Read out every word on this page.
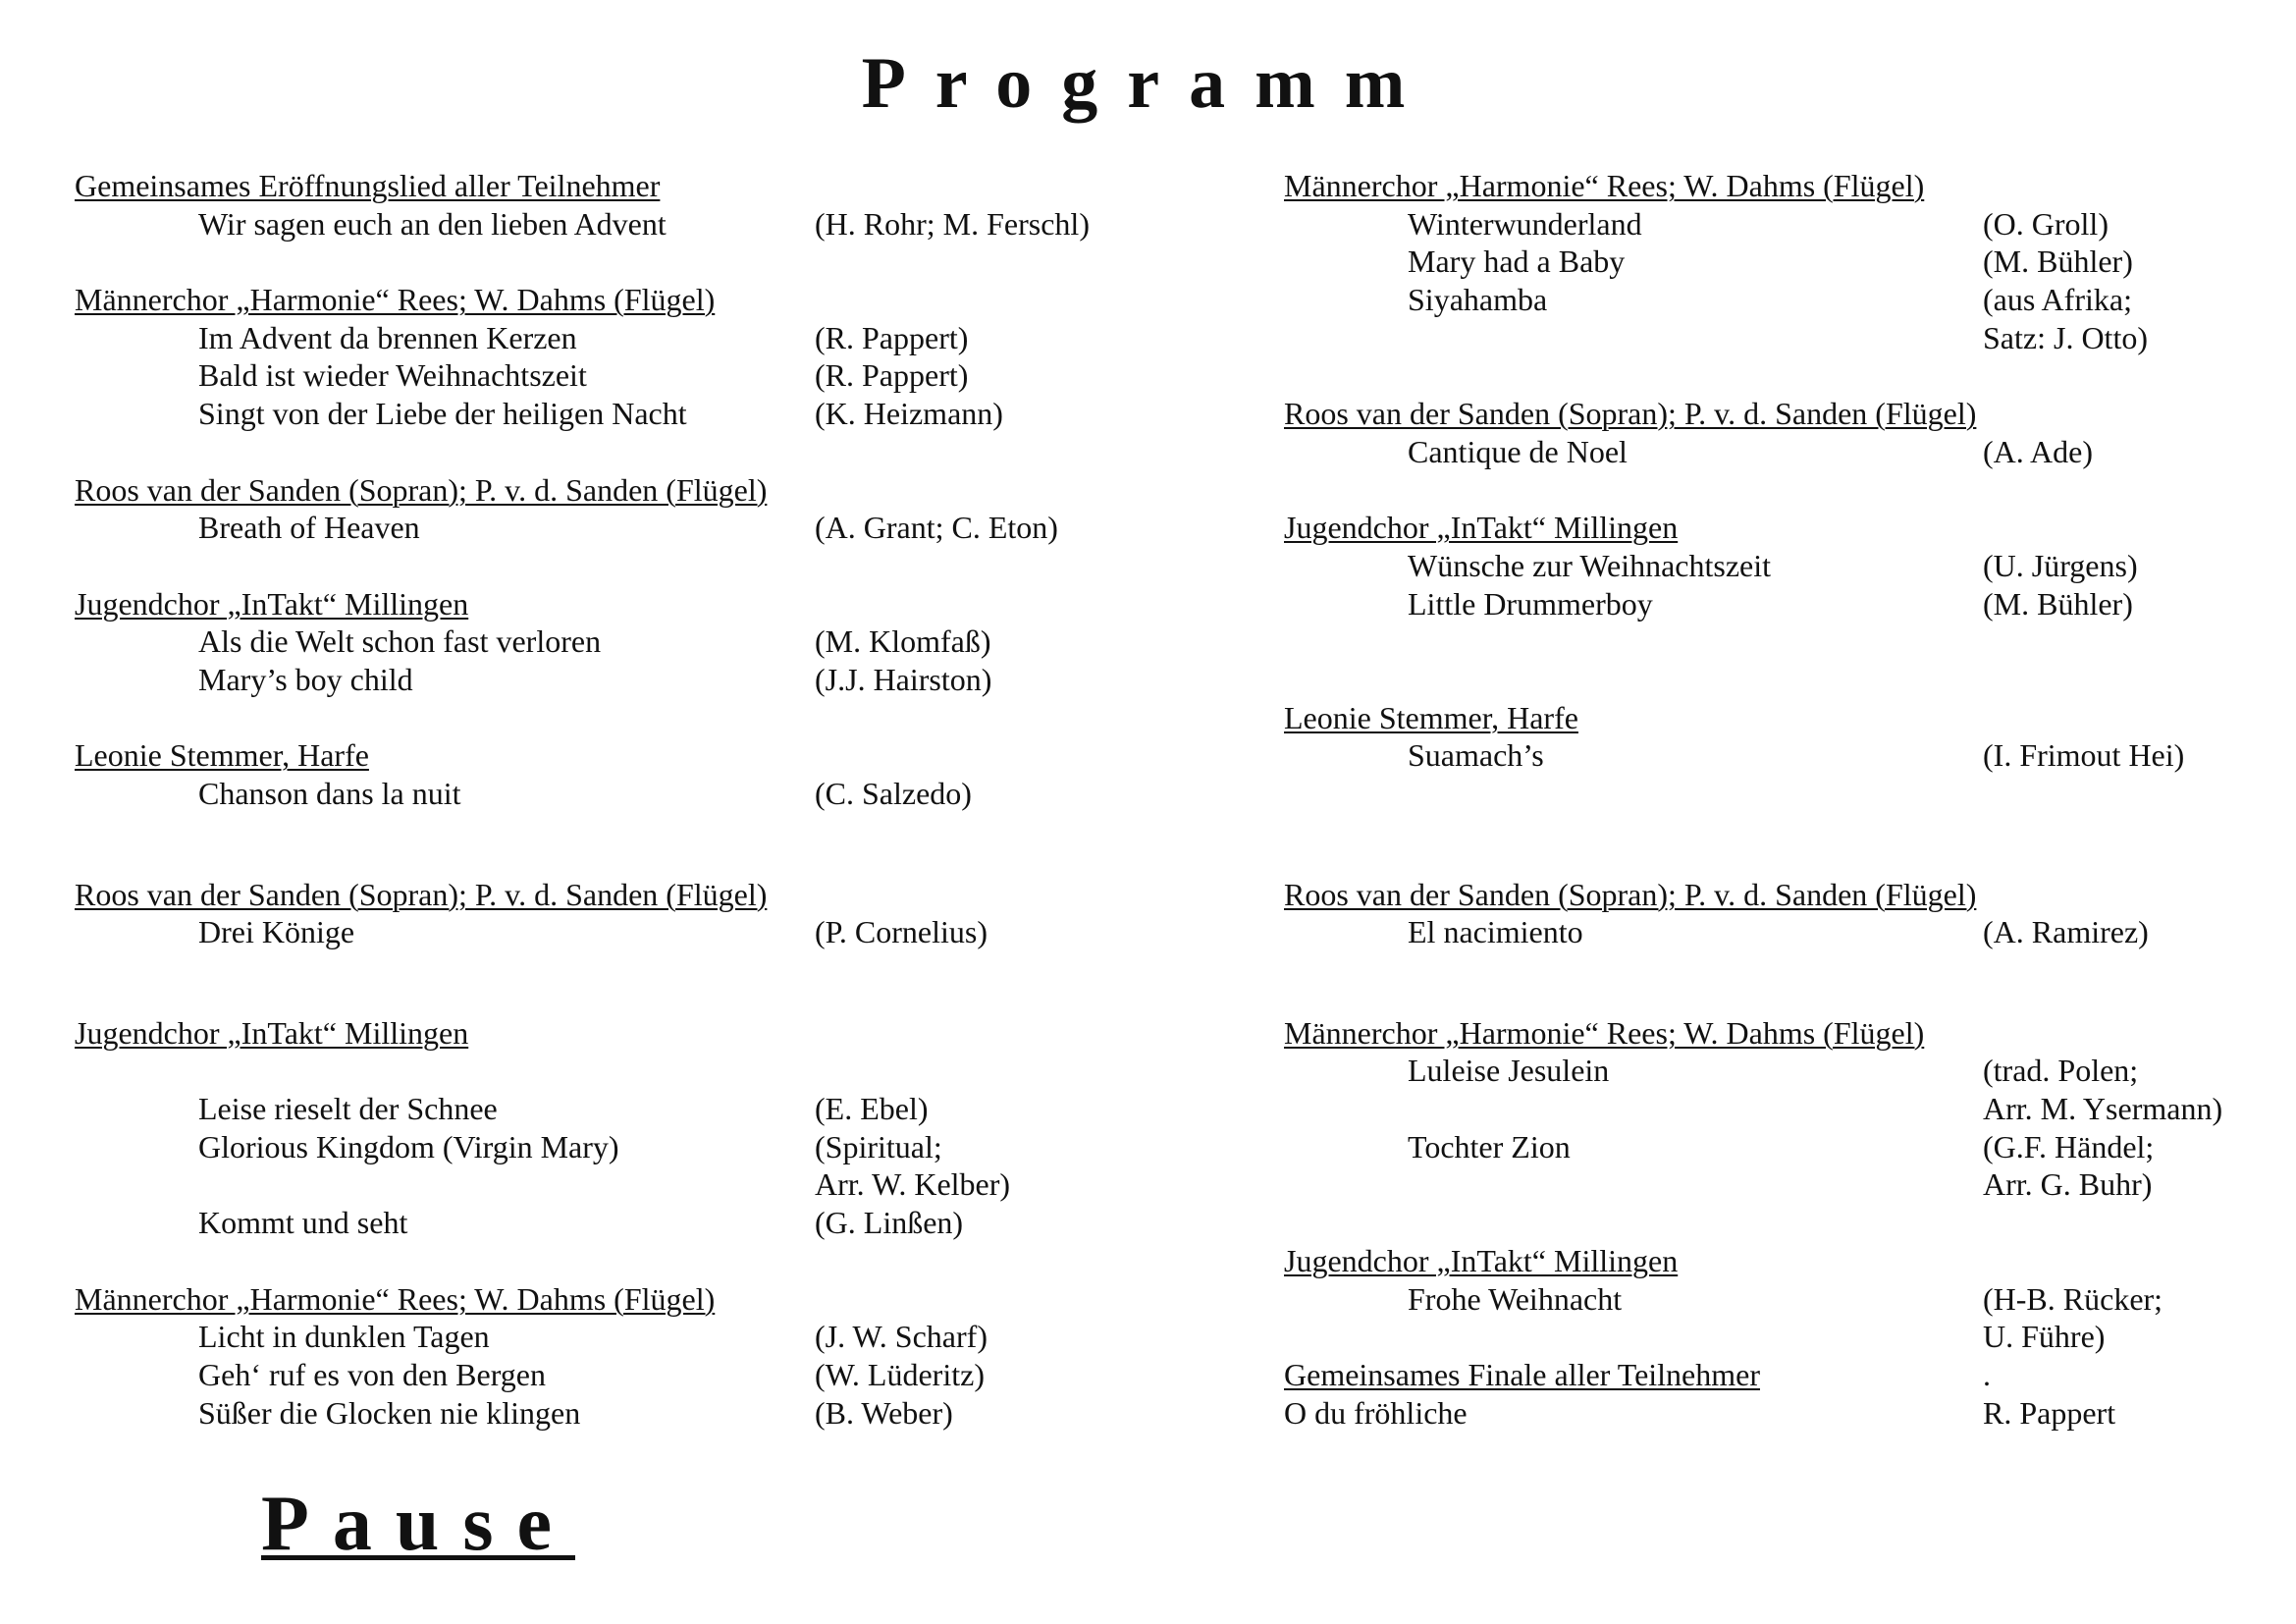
Programm
Gemeinsames Eröffnungslied aller Teilnehmer
Wir sagen euch an den lieben Advent	(H. Rohr; M. Ferschl)
Männerchor „Harmonie“ Rees; W. Dahms (Flügel)
Im Advent da brennen Kerzen	(R. Pappert)
Bald ist wieder Weihnachtszeit	(R. Pappert)
Singt von der Liebe der heiligen Nacht	(K. Heizmann)
Roos van der Sanden (Sopran); P. v. d. Sanden (Flügel)
Breath of Heaven	(A. Grant; C. Eton)
Jugendchor „InTakt“ Millingen
Als die Welt schon fast verloren	(M. Klomfaß)
Mary’s boy child	(J.J. Hairston)
Leonie Stemmer, Harfe
Chanson dans la nuit	(C. Salzedo)
Roos van der Sanden (Sopran); P. v. d. Sanden (Flügel)
Drei Könige	(P. Cornelius)
Jugendchor „InTakt“ Millingen
Leise rieselt der Schnee	(E. Ebel)
Glorious Kingdom (Virgin Mary)	(Spiritual;
Arr. W. Kelber)
Kommt und seht	(G. Linßen)
Männerchor „Harmonie“ Rees; W. Dahms (Flügel)
Licht in dunklen Tagen	(J. W. Scharf)
Geh‘ ruf es von den Bergen	(W. Lüderitz)
Süßer die Glocken nie klingen	(B. Weber)
Männerchor „Harmonie“ Rees; W. Dahms (Flügel)
Winterwunderland	(O. Groll)
Mary had a Baby	(M. Bühler)
Siyahamba	(aus Afrika;
Satz: J. Otto)
Roos van der Sanden (Sopran); P. v. d. Sanden (Flügel)
Cantique de Noel	(A. Ade)
Jugendchor „InTakt“ Millingen
Wünsche zur Weihnachtszeit	(U. Jürgens)
Little Drummerboy	(M. Bühler)
Leonie Stemmer, Harfe
Suamach’s	(I. Frimout Hei)
Roos van der Sanden (Sopran); P. v. d. Sanden (Flügel)
El nacimiento	(A. Ramirez)
Männerchor „Harmonie“ Rees; W. Dahms (Flügel)
Luleise Jesulein	(trad. Polen;
Arr. M. Ysermann)
Tochter Zion	(G.F. Händel;
Arr. G. Buhr)
Jugendchor „InTakt“ Millingen
Frohe Weihnacht	(H-B. Rücker;
U. Führe)
Gemeinsames Finale aller Teilnehmer	.
O du fröhliche	R. Pappert
Pause
